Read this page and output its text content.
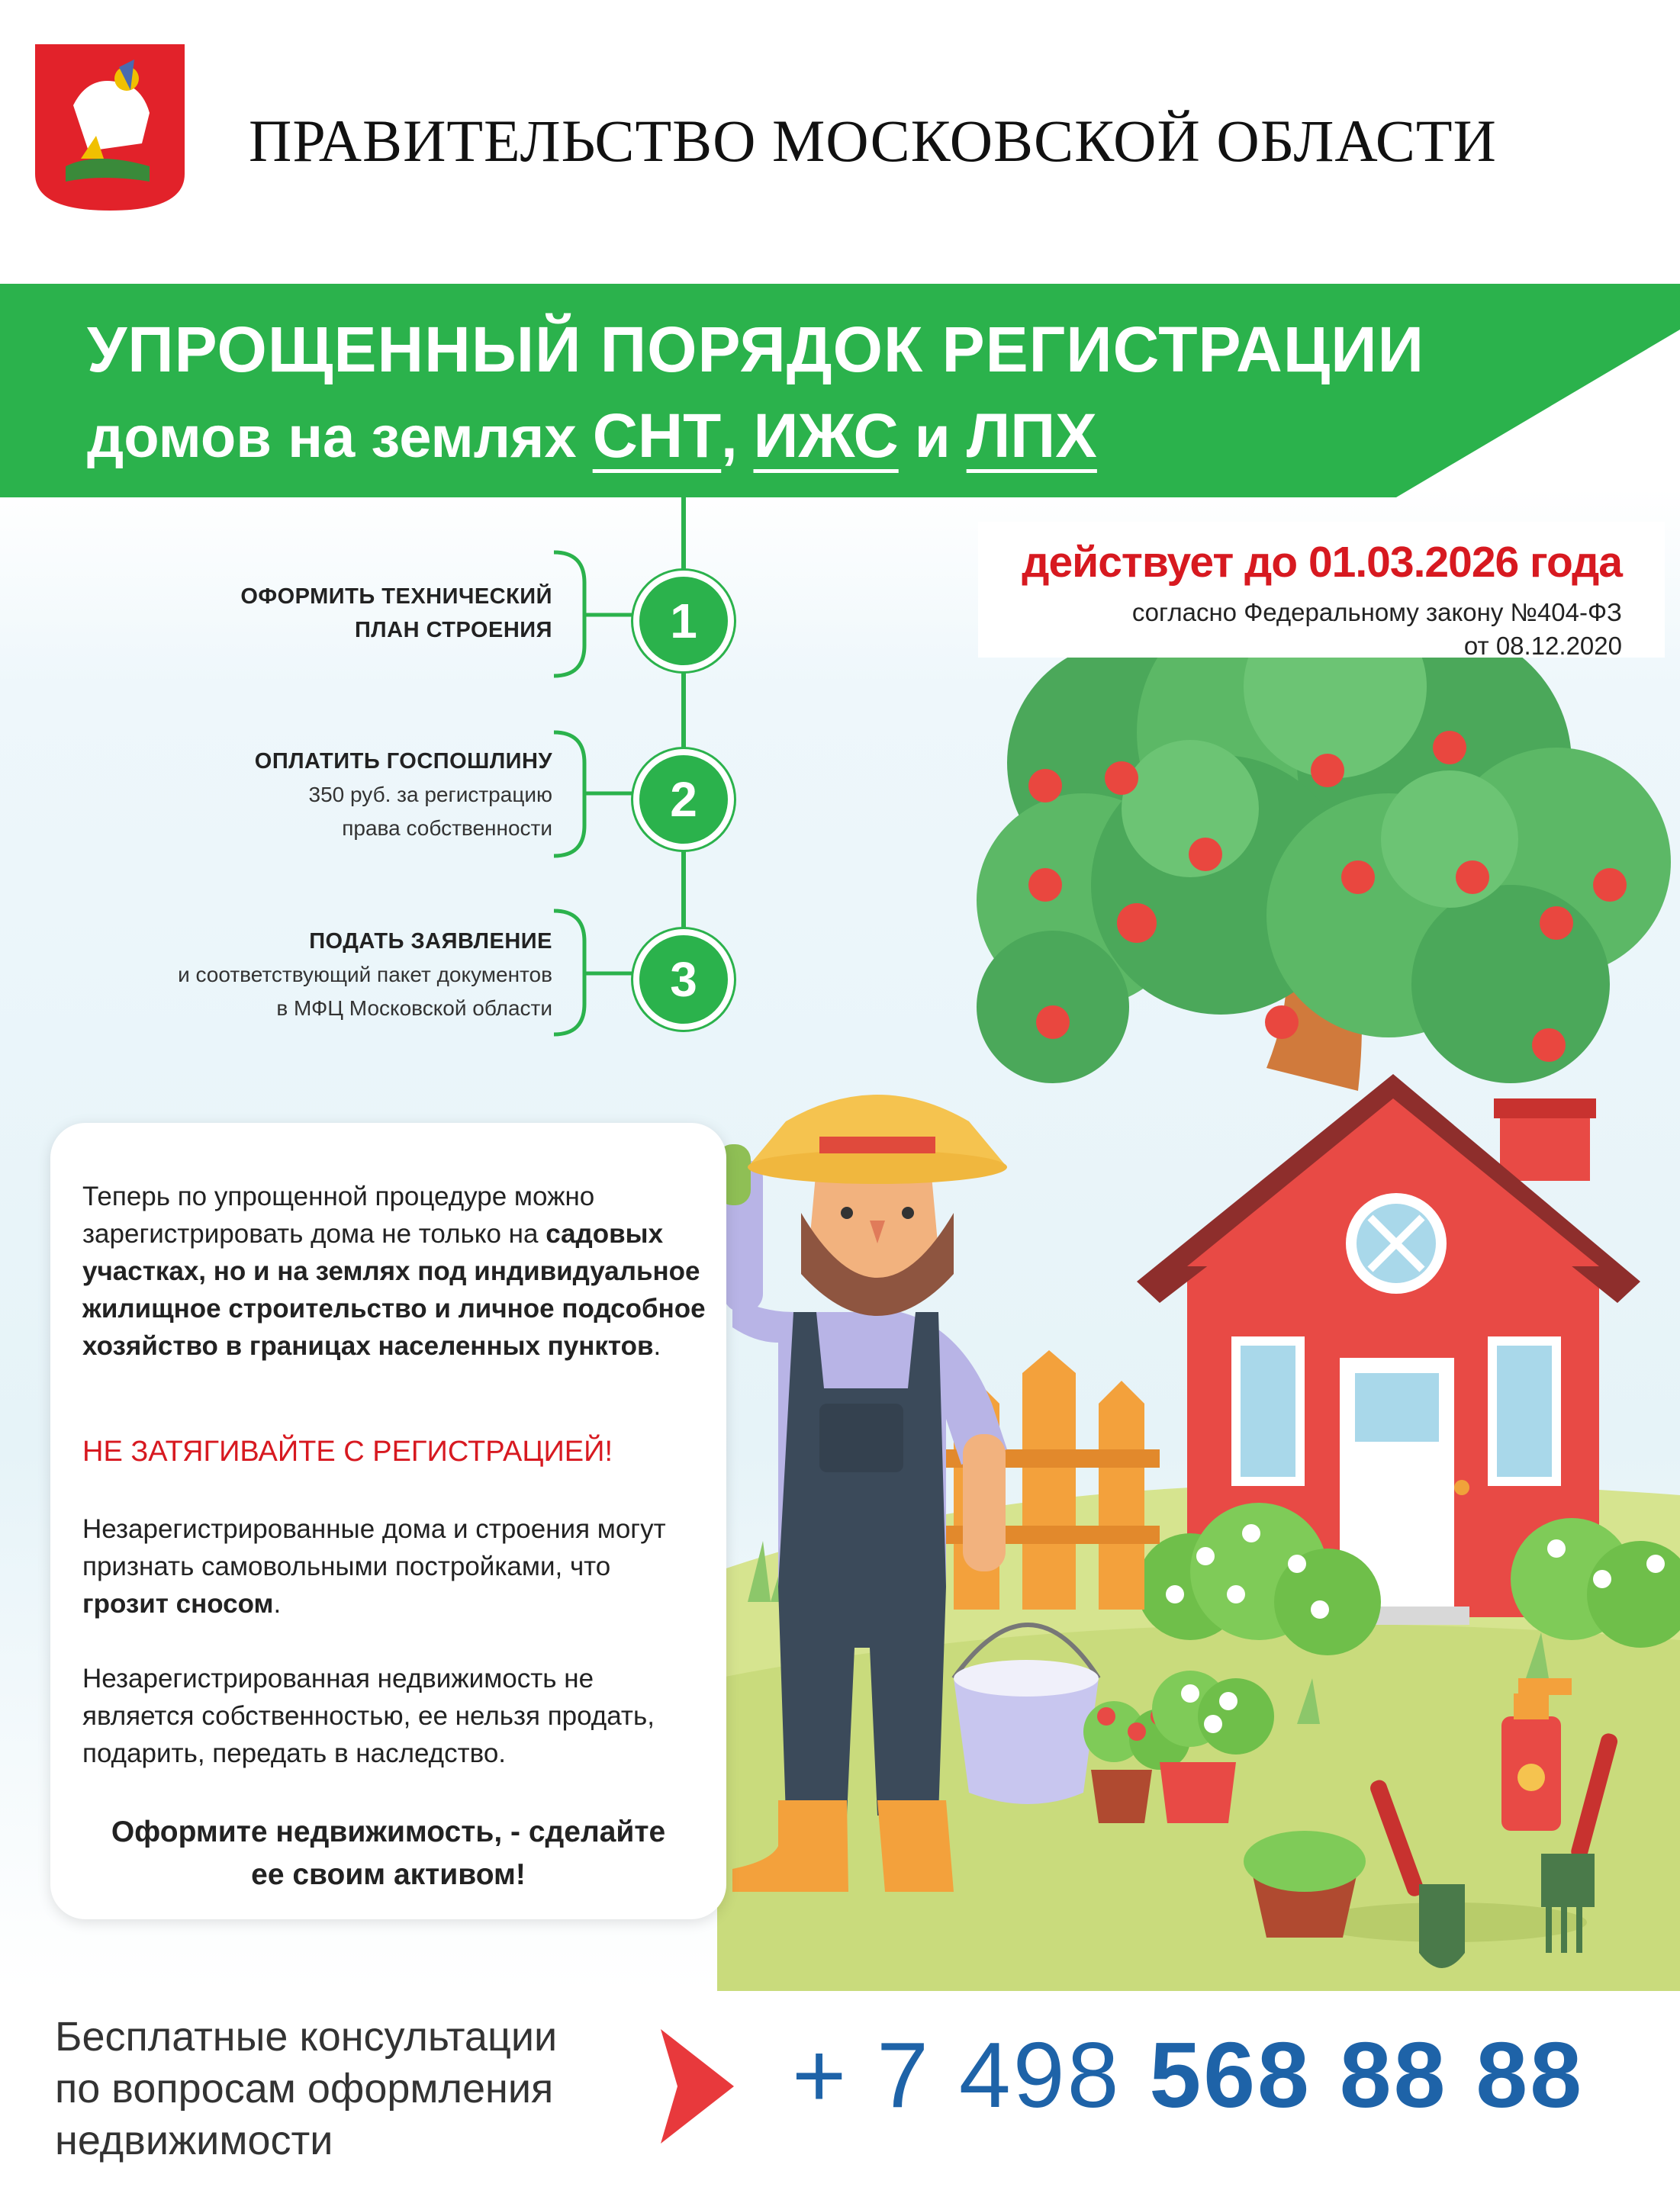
ПРАВИТЕЛЬСТВО МОСКОВСКОЙ ОБЛАСТИ
УПРОЩЕННЫЙ ПОРЯДОК РЕГИСТРАЦИИ
домов на землях СНТ, ИЖС и ЛПХ
действует до 01.03.2026 года
согласно Федеральному закону №404-ФЗ
от 08.12.2020
1
ОФОРМИТЬ ТЕХНИЧЕСКИЙ
ПЛАН СТРОЕНИЯ
2
ОПЛАТИТЬ ГОСПОШЛИНУ
350 руб. за регистрацию
права собственности
3
ПОДАТЬ ЗАЯВЛЕНИЕ
и соответствующий пакет документов
в МФЦ Московской области
Теперь по упрощенной процедуре можно зарегистрировать дома не только на садовых участках, но и на землях под индивидуальное жилищное строительство и личное подсобное хозяйство в границах населенных пунктов.
НЕ ЗАТЯГИВАЙТЕ С РЕГИСТРАЦИЕЙ!
Незарегистрированные дома и строения могут признать самовольными постройками, что грозит сносом.
Незарегистрированная недвижимость не является собственностью, ее нельзя продать, подарить, передать в наследство.
Оформите недвижимость, - сделайте
ее своим активом!
Бесплатные консультации
по вопросам оформления
недвижимости
+ 7 498 568 88 88
